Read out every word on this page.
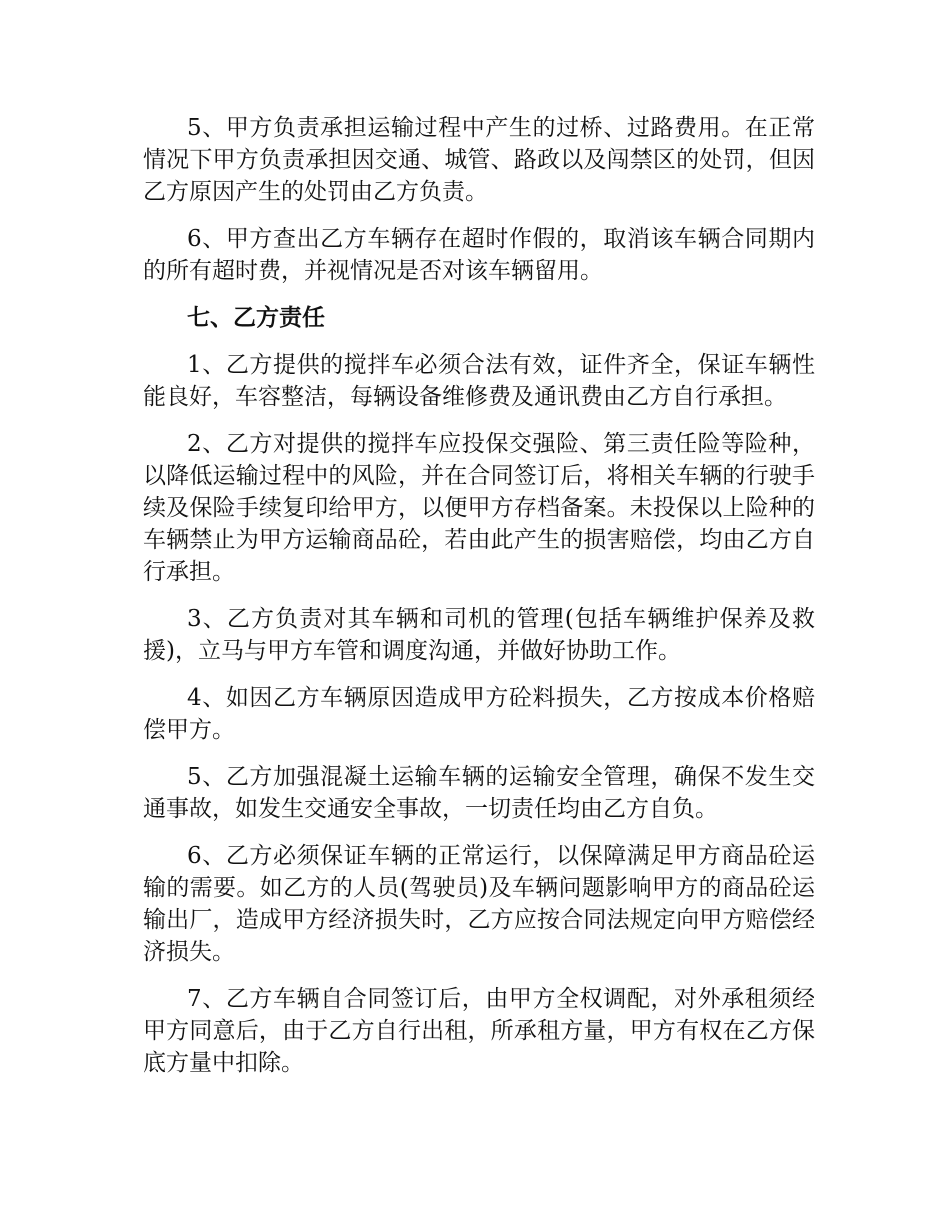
5、甲方负责承担运输过程中产生的过桥、过路费用。在正常情况下甲方负责承担因交通、城管、路政以及闯禁区的处罚，但因乙方原因产生的处罚由乙方负责。

6、甲方查出乙方车辆存在超时作假的，取消该车辆合同期内的所有超时费，并视情况是否对该车辆留用。

七、乙方责任

1、乙方提供的搅拌车必须合法有效，证件齐全，保证车辆性能良好，车容整洁，每辆设备维修费及通讯费由乙方自行承担。

2、乙方对提供的搅拌车应投保交强险、第三责任险等险种，以降低运输过程中的风险，并在合同签订后，将相关车辆的行驶手续及保险手续复印给甲方，以便甲方存档备案。未投保以上险种的车辆禁止为甲方运输商品砼，若由此产生的损害赔偿，均由乙方自行承担。

3、乙方负责对其车辆和司机的管理(包括车辆维护保养及救援)，立马与甲方车管和调度沟通，并做好协助工作。

4、如因乙方车辆原因造成甲方砼料损失，乙方按成本价格赔偿甲方。

5、乙方加强混凝土运输车辆的运输安全管理，确保不发生交通事故，如发生交通安全事故，一切责任均由乙方自负。

6、乙方必须保证车辆的正常运行，以保障满足甲方商品砼运输的需要。如乙方的人员(驾驶员)及车辆问题影响甲方的商品砼运输出厂，造成甲方经济损失时，乙方应按合同法规定向甲方赔偿经济损失。

7、乙方车辆自合同签订后，由甲方全权调配，对外承租须经甲方同意后，由于乙方自行出租，所承租方量，甲方有权在乙方保底方量中扣除。
